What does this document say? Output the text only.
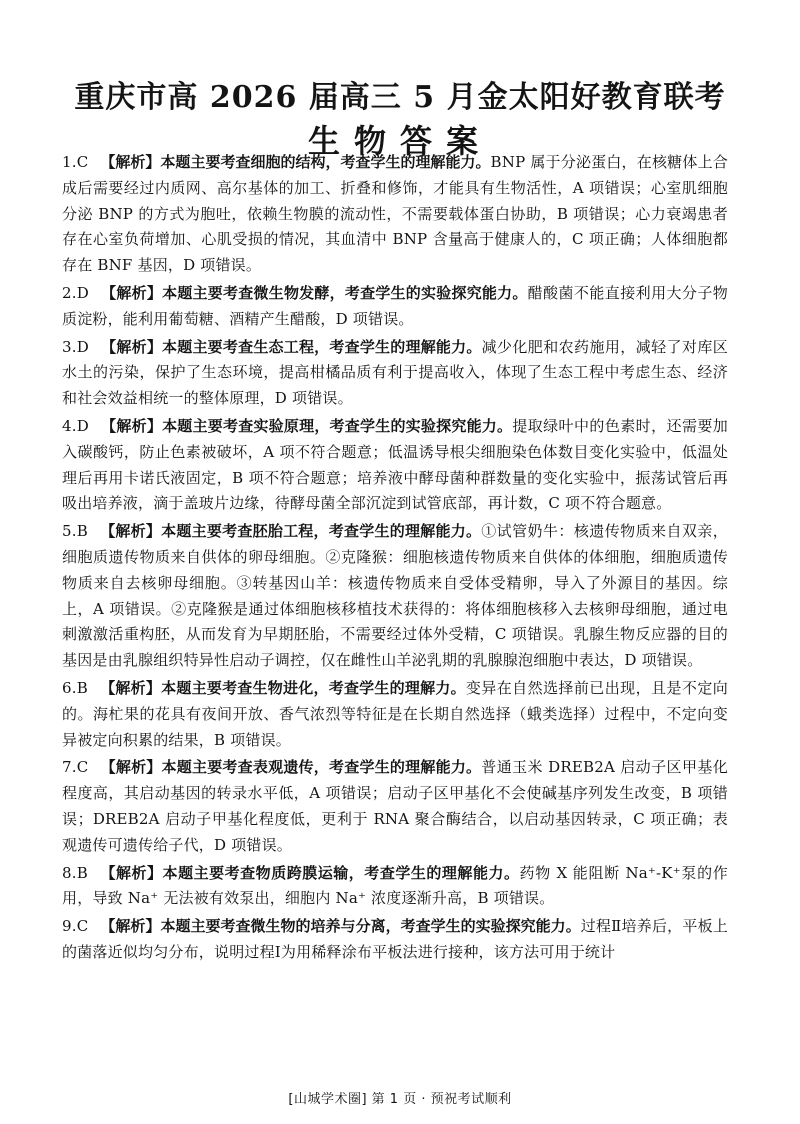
重庆市高 2026 届高三 5 月金太阳好教育联考
生物答案

1.C 【解析】本题主要考查细胞的结构，考查学生的理解能力。BNP 属于分泌蛋白，在核糖体上合成后需要经过内质网、高尔基体的加工、折叠和修饰，才能具有生物活性，A 项错误；心室肌细胞分泌 BNP 的方式为胞吐，依赖生物膜的流动性，不需要载体蛋白协助，B 项错误；心力衰竭患者存在心室负荷增加、心肌受损的情况，其血清中 BNP 含量高于健康人的，C 项正确；人体细胞都存在 BNF 基因，D 项错误。

2.D 【解析】本题主要考查微生物发酵，考查学生的实验探究能力。醋酸菌不能直接利用大分子物质淀粉，能利用葡萄糖、酒精产生醋酸，D 项错误。

3.D 【解析】本题主要考查生态工程，考查学生的理解能力。减少化肥和农药施用，减轻了对库区水土的污染，保护了生态环境，提高柑橘品质有利于提高收入，体现了生态工程中考虑生态、经济和社会效益相统一的整体原理，D 项错误。

4.D 【解析】本题主要考查实验原理，考查学生的实验探究能力。提取绿叶中的色素时，还需要加入碳酸钙，防止色素被破坏，A 项不符合题意；低温诱导根尖细胞染色体数目变化实验中，低温处理后再用卡诺氏液固定，B 项不符合题意；培养液中酵母菌种群数量的变化实验中，振荡试管后再吸出培养液，滴于盖玻片边缘，待酵母菌全部沉淀到试管底部，再计数，C 项不符合题意。

5.B 【解析】本题主要考查胚胎工程，考查学生的理解能力。①试管奶牛：核遗传物质来自双亲，细胞质遗传物质来自供体的卵母细胞。②克隆猴：细胞核遗传物质来自供体的体细胞，细胞质遗传物质来自去核卵母细胞。③转基因山羊：核遗传物质来自受体受精卵，导入了外源目的基因。综上，A 项错误。②克隆猴是通过体细胞核移植技术获得的：将体细胞核移入去核卵母细胞，通过电刺激激活重构胚，从而发育为早期胚胎，不需要经过体外受精，C 项错误。乳腺生物反应器的目的基因是由乳腺组织特异性启动子调控，仅在雌性山羊泌乳期的乳腺腺泡细胞中表达，D 项错误。

6.B 【解析】本题主要考查生物进化，考查学生的理解力。变异在自然选择前已出现，且是不定向的。海杧果的花具有夜间开放、香气浓烈等特征是在长期自然选择（蛾类选择）过程中，不定向变异被定向积累的结果，B 项错误。

7.C 【解析】本题主要考查表观遗传，考查学生的理解能力。普通玉米 DREB2A 启动子区甲基化程度高，其启动基因的转录水平低，A 项错误；启动子区甲基化不会使碱基序列发生改变，B 项错误；DREB2A 启动子甲基化程度低，更利于 RNA 聚合酶结合，以启动基因转录，C 项正确；表观遗传可遗传给子代，D 项错误。

8.B 【解析】本题主要考查物质跨膜运输，考查学生的理解能力。药物 X 能阻断 Na⁺-K⁺泵的作用，导致 Na⁺ 无法被有效泵出，细胞内 Na⁺ 浓度逐渐升高，B 项错误。

9.C 【解析】本题主要考查微生物的培养与分离，考查学生的实验探究能力。过程Ⅱ培养后，平板上的菌落近似均匀分布，说明过程Ⅰ为用稀释涂布平板法进行接种，该方法可用于统计

[山城学术圈] 第 1 页 · 预祝考试顺利
